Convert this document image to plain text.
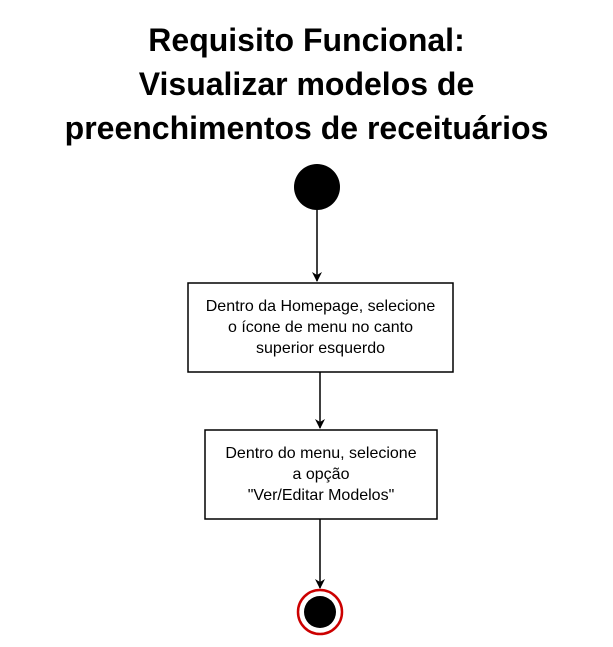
Requisito Funcional:
Visualizar modelos de
preenchimentos de receituários
Dentro da Homepage, selecione
o ícone de menu no canto
superior esquerdo
Dentro do menu, selecione
a opção
"Ver/Editar Modelos"
